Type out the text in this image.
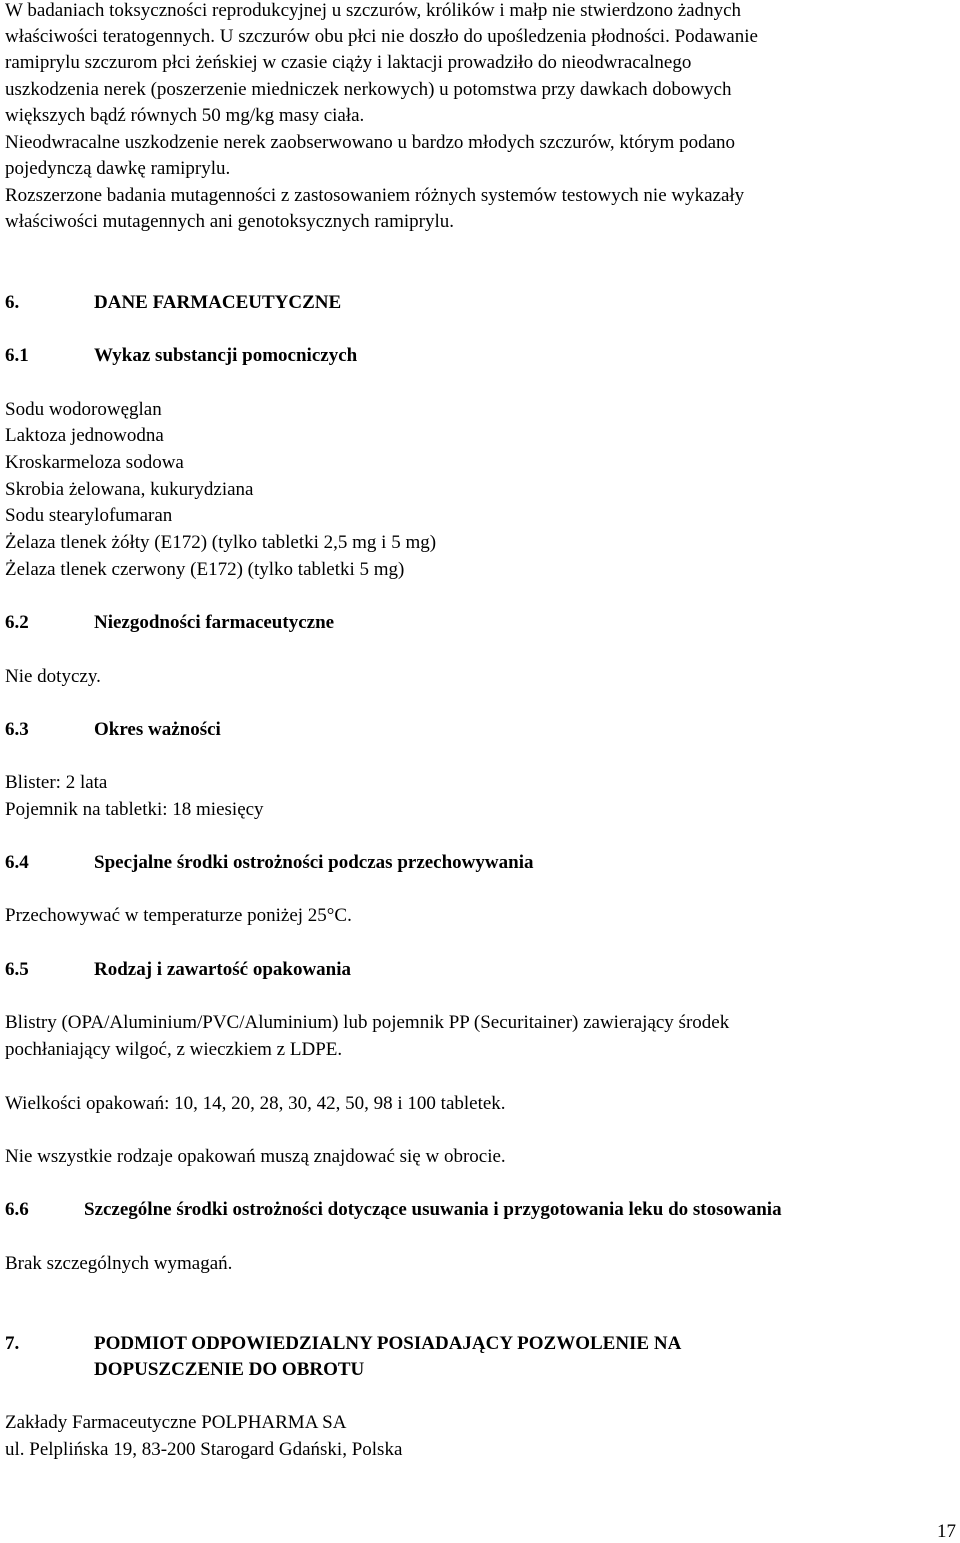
W badaniach toksyczności reprodukcyjnej u szczurów, królików i małp nie stwierdzono żadnych
właściwości teratogennych. U szczurów obu płci nie doszło do upośledzenia płodności. Podawanie
ramiprylu szczurom płci żeńskiej w czasie ciąży i laktacji prowadziło do nieodwracalnego
uszkodzenia nerek (poszerzenie miedniczek nerkowych) u potomstwa przy dawkach dobowych
większych bądź równych 50 mg/kg masy ciała.
Nieodwracalne uszkodzenie nerek zaobserwowano u bardzo młodych szczurów, którym podano
pojedynczą dawkę ramiprylu.
Rozszerzone badania mutagenności z zastosowaniem różnych systemów testowych nie wykazały
właściwości mutagennych ani genotoksycznych ramiprylu.
6.	DANE FARMACEUTYCZNE
6.1	Wykaz substancji pomocniczych
Sodu wodorowęglan
Laktoza jednowodna
Kroskarmeloza sodowa
Skrobia żelowana, kukurydziana
Sodu stearylofumaran
Żelaza tlenek żółty (E172) (tylko tabletki 2,5 mg i 5 mg)
Żelaza tlenek czerwony (E172) (tylko tabletki 5 mg)
6.2	Niezgodności farmaceutyczne
Nie dotyczy.
6.3	Okres ważności
Blister: 2 lata
Pojemnik na tabletki: 18 miesięcy
6.4	Specjalne środki ostrożności podczas przechowywania
Przechowywać w temperaturze poniżej 25°C.
6.5	Rodzaj i zawartość opakowania
Blistry (OPA/Aluminium/PVC/Aluminium) lub pojemnik PP (Securitainer) zawierający środek
pochłaniający wilgoć, z wieczkiem z LDPE.
Wielkości opakowań: 10, 14, 20, 28, 30, 42, 50, 98 i 100 tabletek.
Nie wszystkie rodzaje opakowań muszą znajdować się w obrocie.
6.6	Szczególne środki ostrożności dotyczące usuwania i przygotowania leku do stosowania
Brak szczególnych wymagań.
7.	PODMIOT ODPOWIEDZIALNY POSIADAJĄCY POZWOLENIE NA
DOPUSZCZENIE DO OBROTU
Zakłady Farmaceutyczne POLPHARMA SA
ul. Pelplińska 19, 83-200 Starogard Gdański, Polska
17
